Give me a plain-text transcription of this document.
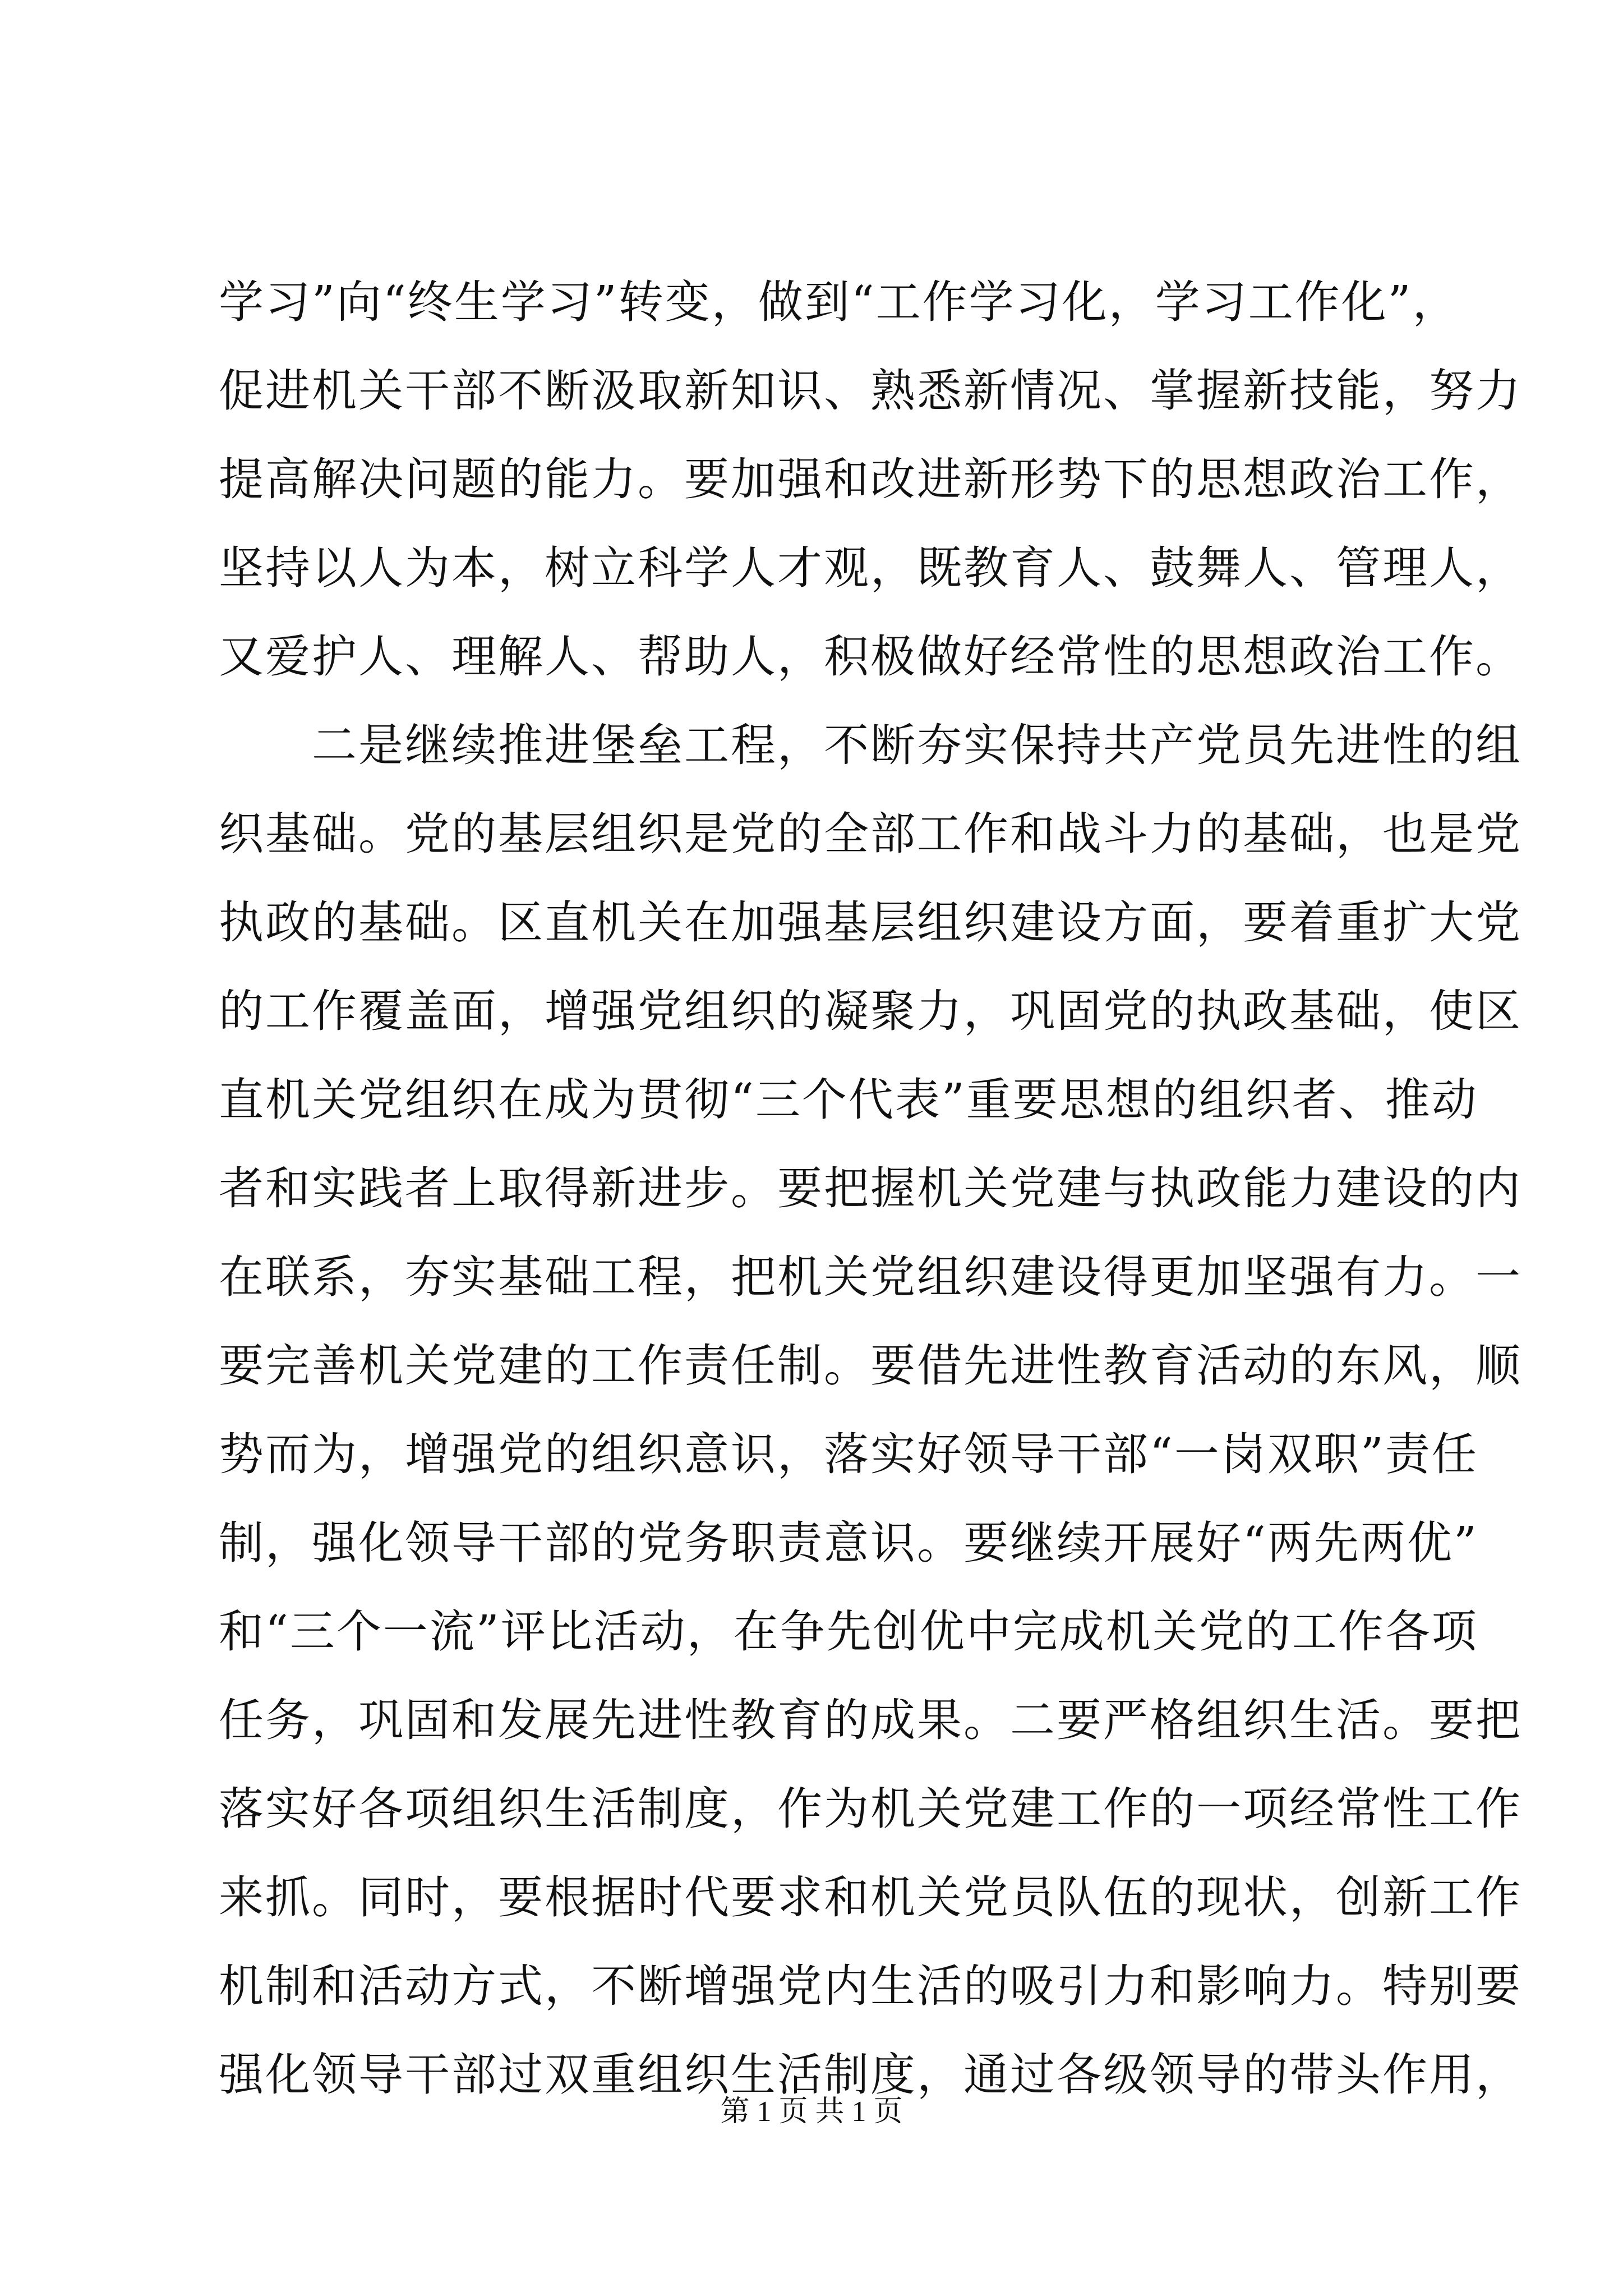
学习”向“终生学习”转变，做到“工作学习化，学习工作化”，
促进机关干部不断汲取新知识、熟悉新情况、掌握新技能，努力
提高解决问题的能力。要加强和改进新形势下的思想政治工作，
坚持以人为本，树立科学人才观，既教育人、鼓舞人、管理人，
又爱护人、理解人、帮助人，积极做好经常性的思想政治工作。
　　二是继续推进堡垒工程，不断夯实保持共产党员先进性的组
织基础。党的基层组织是党的全部工作和战斗力的基础，也是党
执政的基础。区直机关在加强基层组织建设方面，要着重扩大党
的工作覆盖面，增强党组织的凝聚力，巩固党的执政基础，使区
直机关党组织在成为贯彻“三个代表”重要思想的组织者、推动
者和实践者上取得新进步。要把握机关党建与执政能力建设的内
在联系，夯实基础工程，把机关党组织建设得更加坚强有力。一
要完善机关党建的工作责任制。要借先进性教育活动的东风，顺
势而为，增强党的组织意识，落实好领导干部“一岗双职”责任
制，强化领导干部的党务职责意识。要继续开展好“两先两优”
和“三个一流”评比活动，在争先创优中完成机关党的工作各项
任务，巩固和发展先进性教育的成果。二要严格组织生活。要把
落实好各项组织生活制度，作为机关党建工作的一项经常性工作
来抓。同时，要根据时代要求和机关党员队伍的现状，创新工作
机制和活动方式，不断增强党内生活的吸引力和影响力。特别要
强化领导干部过双重组织生活制度，通过各级领导的带头作用，
第 1 页 共 1 页
